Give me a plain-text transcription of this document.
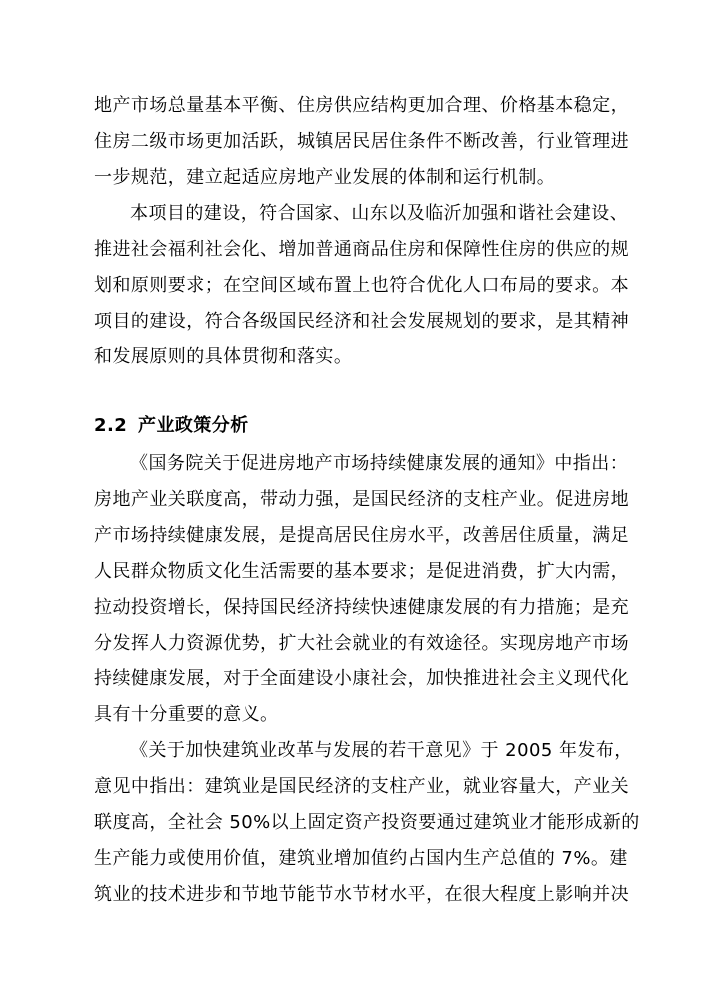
地产市场总量基本平衡、住房供应结构更加合理、价格基本稳定，
住房二级市场更加活跃，城镇居民居住条件不断改善，行业管理进
一步规范，建立起适应房地产业发展的体制和运行机制。
本项目的建设，符合国家、山东以及临沂加强和谐社会建设、
推进社会福利社会化、增加普通商品住房和保障性住房的供应的规
划和原则要求；在空间区域布置上也符合优化人口布局的要求。本
项目的建设，符合各级国民经济和社会发展规划的要求，是其精神
和发展原则的具体贯彻和落实。
2.2 产业政策分析
《国务院关于促进房地产市场持续健康发展的通知》中指出：
房地产业关联度高，带动力强，是国民经济的支柱产业。促进房地
产市场持续健康发展，是提高居民住房水平，改善居住质量，满足
人民群众物质文化生活需要的基本要求；是促进消费，扩大内需，
拉动投资增长，保持国民经济持续快速健康发展的有力措施；是充
分发挥人力资源优势，扩大社会就业的有效途径。实现房地产市场
持续健康发展，对于全面建设小康社会，加快推进社会主义现代化
具有十分重要的意义。
《关于加快建筑业改革与发展的若干意见》于 2005 年发布，
意见中指出：建筑业是国民经济的支柱产业，就业容量大，产业关
联度高，全社会 50%以上固定资产投资要通过建筑业才能形成新的
生产能力或使用价值，建筑业增加值约占国内生产总值的 7%。建
筑业的技术进步和节地节能节水节材水平，在很大程度上影响并决
